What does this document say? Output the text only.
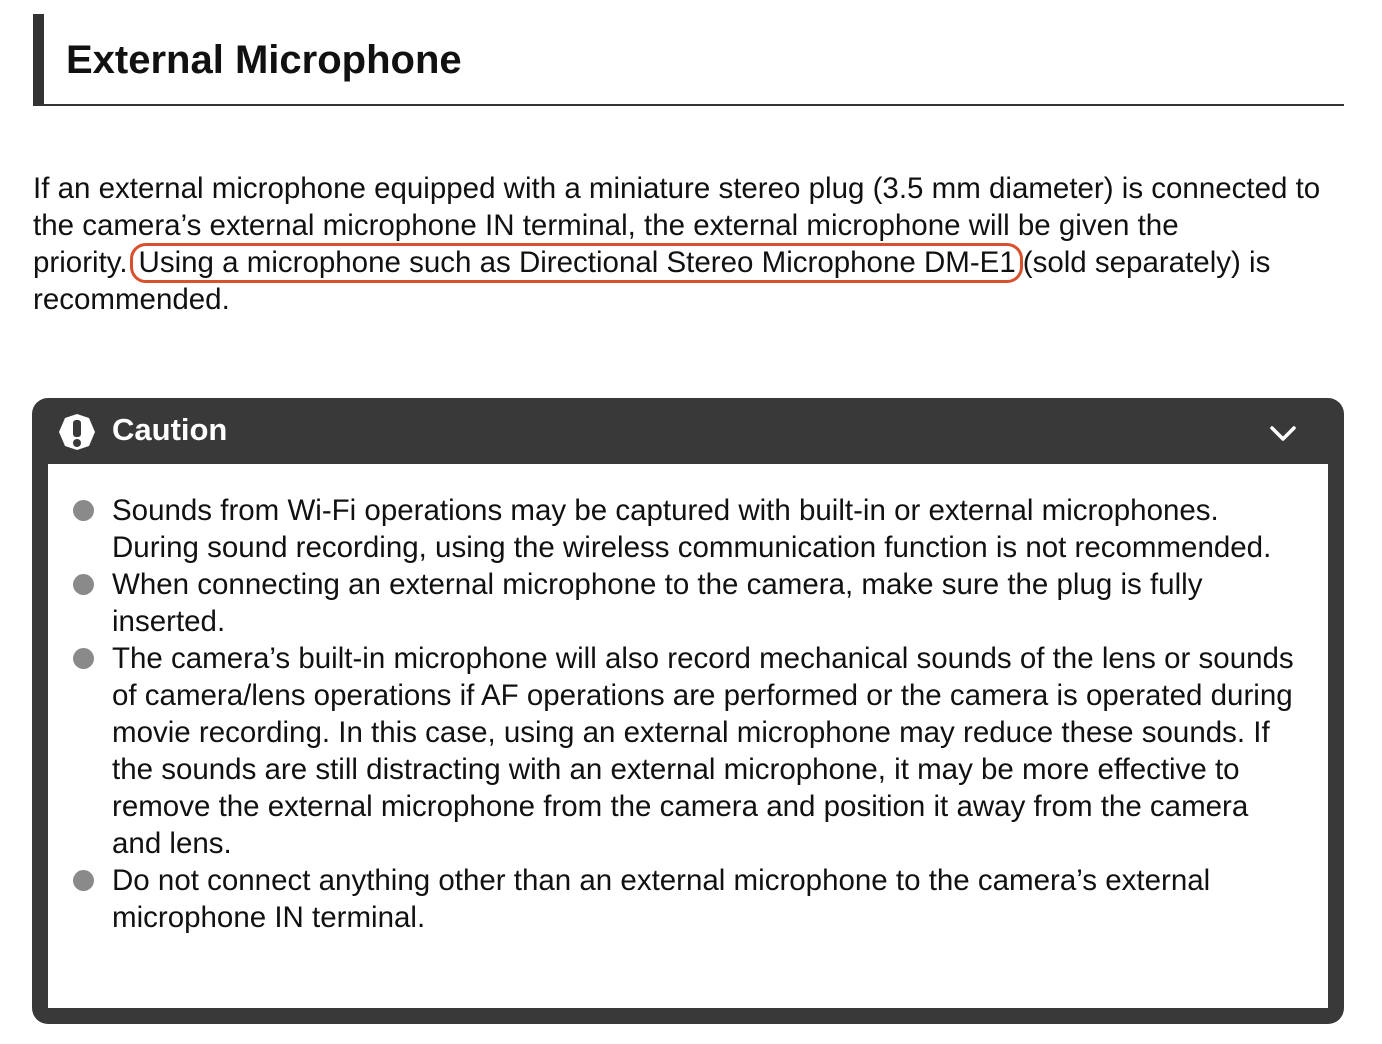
External Microphone

If an external microphone equipped with a miniature stereo plug (3.5 mm diameter) is connected to the camera’s external microphone IN terminal, the external microphone will be given the priority. Using a microphone such as Directional Stereo Microphone DM-E1 (sold separately) is recommended.

Caution
Sounds from Wi-Fi operations may be captured with built-in or external microphones. During sound recording, using the wireless communication function is not recommended.
When connecting an external microphone to the camera, make sure the plug is fully inserted.
The camera’s built-in microphone will also record mechanical sounds of the lens or sounds of camera/lens operations if AF operations are performed or the camera is operated during movie recording. In this case, using an external microphone may reduce these sounds. If the sounds are still distracting with an external microphone, it may be more effective to remove the external microphone from the camera and position it away from the camera and lens.
Do not connect anything other than an external microphone to the camera’s external microphone IN terminal.
